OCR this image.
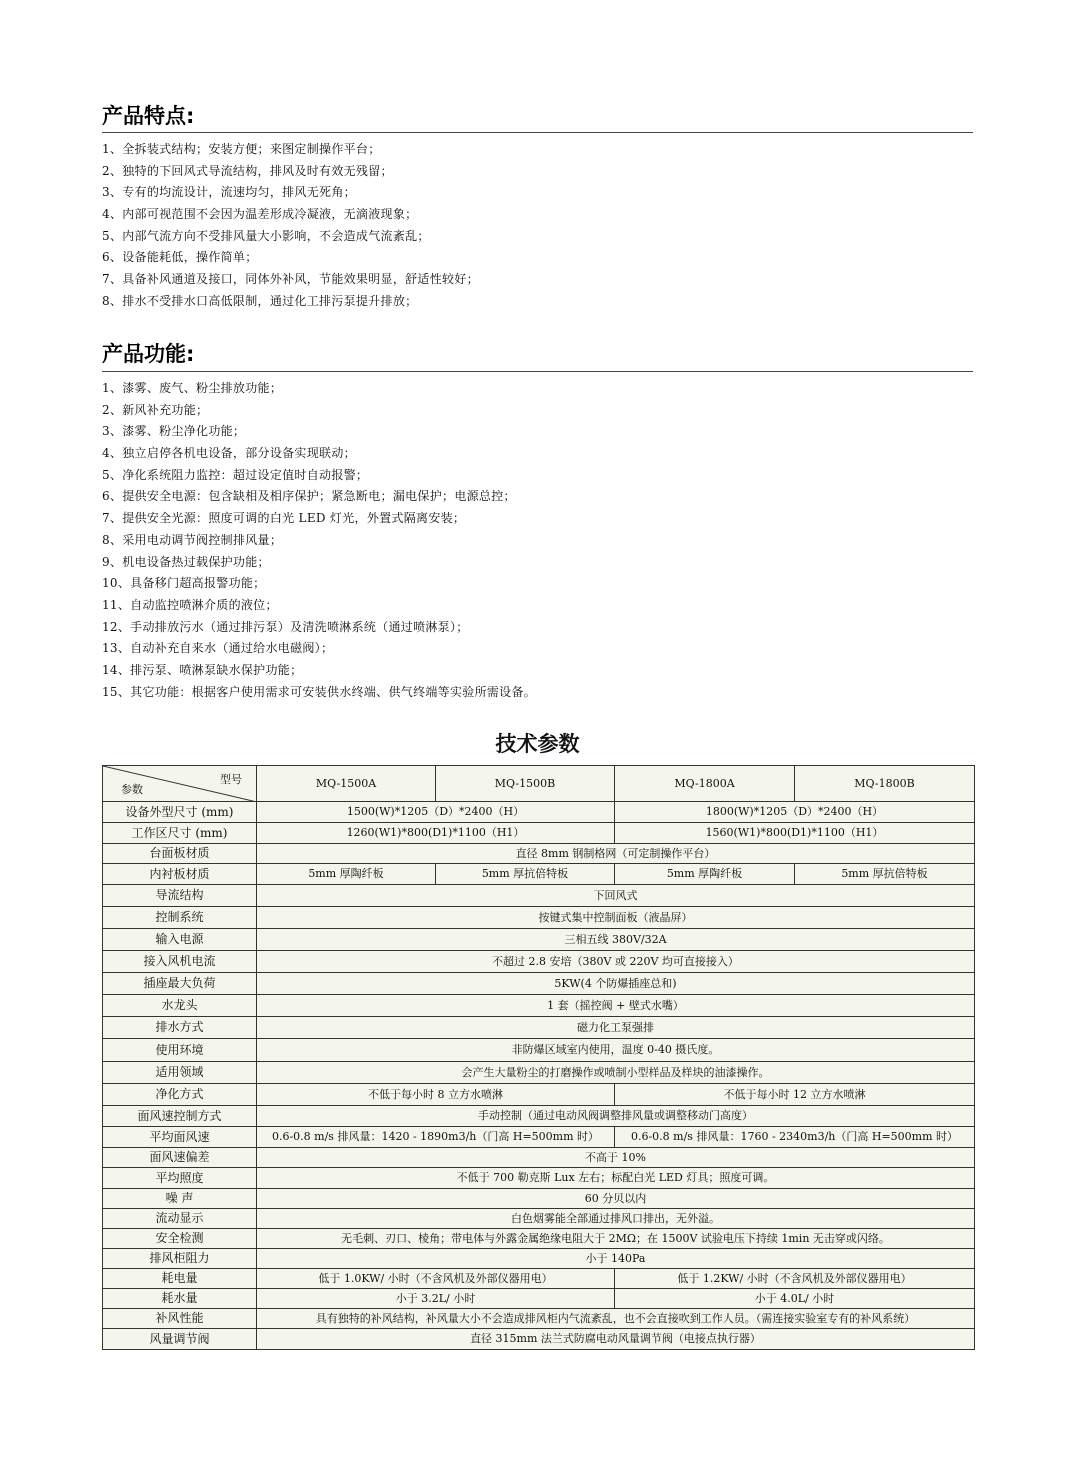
产品特点:
1、全拆装式结构；安装方便；来图定制操作平台；
2、独特的下回风式导流结构，排风及时有效无残留；
3、专有的均流设计，流速均匀，排风无死角；
4、内部可视范围不会因为温差形成冷凝液，无滴液现象；
5、内部气流方向不受排风量大小影响，不会造成气流紊乱；
6、设备能耗低，操作简单；
7、具备补风通道及接口，同体外补风，节能效果明显，舒适性较好；
8、排水不受排水口高低限制，通过化工排污泵提升排放；
产品功能:
1、漆雾、废气、粉尘排放功能；
2、新风补充功能；
3、漆雾、粉尘净化功能；
4、独立启停各机电设备，部分设备实现联动；
5、净化系统阻力监控：超过设定值时自动报警；
6、提供安全电源：包含缺相及相序保护；紧急断电；漏电保护；电源总控；
7、提供安全光源：照度可调的白光 LED 灯光，外置式隔离安装；
8、采用电动调节阀控制排风量；
9、机电设备热过载保护功能；
10、具备移门超高报警功能；
11、自动监控喷淋介质的液位；
12、手动排放污水（通过排污泵）及清洗喷淋系统（通过喷淋泵）；
13、自动补充自来水（通过给水电磁阀）；
14、排污泵、喷淋泵缺水保护功能；
15、其它功能：根据客户使用需求可安装供水终端、供气终端等实验所需设备。
技术参数
型号
参数	MQ-1500A	MQ-1500B	MQ-1800A	MQ-1800B
设备外型尺寸 (mm)	1500(W)*1205（D）*2400（H）		1800(W)*1205（D）*2400（H）	
工作区尺寸 (mm)	1260(W1)*800(D1)*1100（H1）		1560(W1)*800(D1)*1100（H1）	
台面板材质	直径 8mm 钢制格网（可定制操作平台）			
内衬板材质	5mm 厚陶纤板	5mm 厚抗倍特板	5mm 厚陶纤板	5mm 厚抗倍特板
导流结构	下回风式			
控制系统	按键式集中控制面板（液晶屏）			
输入电源	三相五线 380V/32A			
接入风机电流	不超过 2.8 安培（380V 或 220V 均可直接接入）			
插座最大负荷	5KW(4 个防爆插座总和)			
水龙头	1 套（摇控阀 + 壁式水嘴）			
排水方式	磁力化工泵强排			
使用环境	非防爆区域室内使用，温度 0-40 摄氏度。			
适用领域	会产生大量粉尘的打磨操作或喷制小型样品及样块的油漆操作。			
净化方式	不低于每小时 8 立方水喷淋		不低于每小时 12 立方水喷淋	
面风速控制方式	手动控制（通过电动风阀调整排风量或调整移动门高度）			
平均面风速	0.6-0.8 m/s 排风量：1420 - 1890m3/h（门高 H=500mm 时）		0.6-0.8 m/s 排风量：1760 - 2340m3/h（门高 H=500mm 时）	
面风速偏差	不高于 10%			
平均照度	不低于 700 勒克斯 Lux 左右；标配白光 LED 灯具；照度可调。			
噪 声	60 分贝以内			
流动显示	白色烟雾能全部通过排风口排出，无外溢。			
安全检测	无毛刺、刃口、棱角；带电体与外露金属绝缘电阻大于 2MΩ；在 1500V 试验电压下持续 1min 无击穿或闪络。			
排风柜阻力	小于 140Pa			
耗电量	低于 1.0KW/ 小时（不含风机及外部仪器用电）		低于 1.2KW/ 小时（不含风机及外部仪器用电）	
耗水量	小于 3.2L/ 小时		小于 4.0L/ 小时	
补风性能	具有独特的补风结构，补风量大小不会造成排风柜内气流紊乱，也不会直接吹到工作人员。（需连接实验室专有的补风系统）			
风量调节阀	直径 315mm 法兰式防腐电动风量调节阀（电接点执行器）			
